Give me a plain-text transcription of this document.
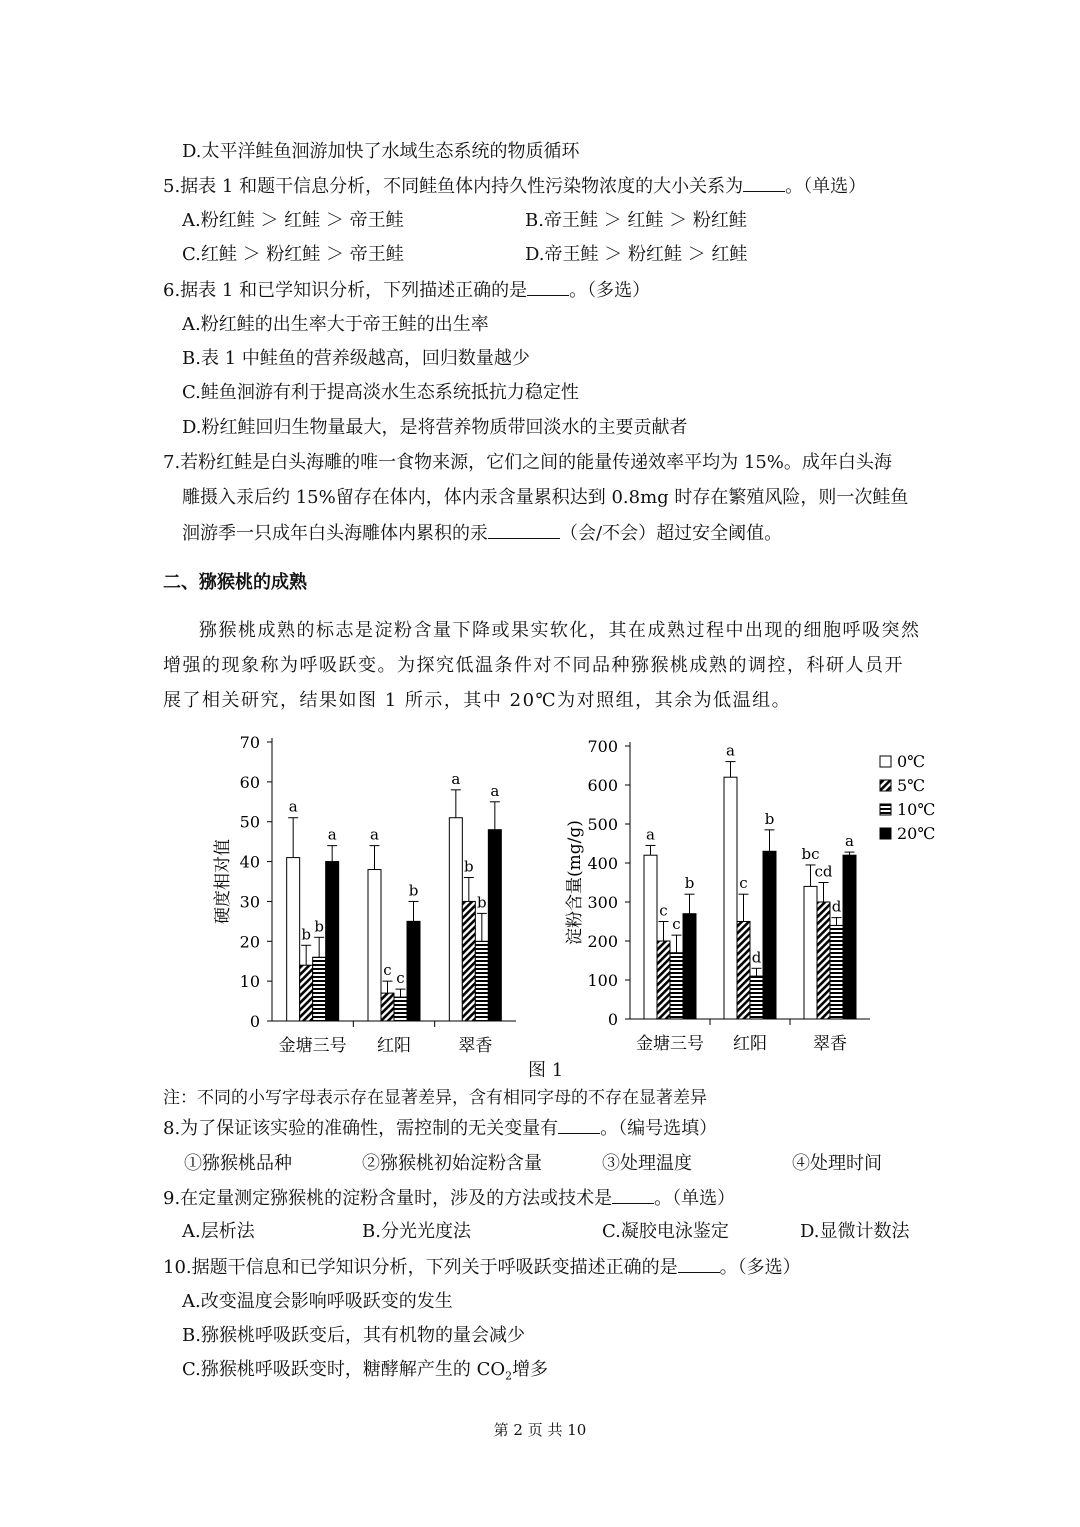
D.太平洋鲑鱼洄游加快了水域生态系统的物质循环
5.据表 1 和题干信息分析，不同鲑鱼体内持久性污染物浓度的大小关系为 。（单选）
A.粉红鲑 ＞ 红鲑 ＞ 帝王鲑	B.帝王鲑 ＞ 红鲑 ＞ 粉红鲑
C.红鲑 ＞ 粉红鲑 ＞ 帝王鲑	D.帝王鲑 ＞ 粉红鲑 ＞ 红鲑
6.据表 1 和已学知识分析，下列描述正确的是 。（多选）
A.粉红鲑的出生率大于帝王鲑的出生率
B.表 1 中鲑鱼的营养级越高，回归数量越少
C.鲑鱼洄游有利于提高淡水生态系统抵抗力稳定性
D.粉红鲑回归生物量最大，是将营养物质带回淡水的主要贡献者
7.若粉红鲑是白头海雕的唯一食物来源，它们之间的能量传递效率平均为 15%。成年白头海
雕摄入汞后约 15%留存在体内，体内汞含量累积达到 0.8mg 时存在繁殖风险，则一次鲑鱼
洄游季一只成年白头海雕体内累积的汞	（会/不会）超过安全阈值。
二、猕猴桃的成熟
猕猴桃成熟的标志是淀粉含量下降或果实软化，其在成熟过程中出现的细胞呼吸突然增强的现象称为呼吸跃变。为探究低温条件对不同品种猕猴桃成熟的调控，科研人员开展了相关研究，结果如图 1 所示，其中 20℃为对照组，其余为低温组。
0
10
20
30
40
50
60
70
硬度相对值
金塘三号
a
b b
a
红阳
a
c c
b
翠香
a
b
b
a
0
100
200
300
400
500
600
700
淀粉含量(mg/g)
金塘三号
a
c
c
b
红阳
a
c
d
b
翠香
bc
cd
d
a
0℃
5℃
10℃
20℃
图 1
注：不同的小写字母表示存在显著差异，含有相同字母的不存在显著差异
8.为了保证该实验的准确性，需控制的无关变量有 。（编号选填）
①猕猴桃品种	②猕猴桃初始淀粉含量	③处理温度	④处理时间
9.在定量测定猕猴桃的淀粉含量时，涉及的方法或技术是 。（单选）
A.层析法	B.分光光度法	C.凝胶电泳鉴定	D.显微计数法
10.据题干信息和已学知识分析，下列关于呼吸跃变描述正确的是 。（多选）
A.改变温度会影响呼吸跃变的发生
B.猕猴桃呼吸跃变后，其有机物的量会减少
C.猕猴桃呼吸跃变时，糖酵解产生的 $CO_2$增多
第 2 页 共 10
